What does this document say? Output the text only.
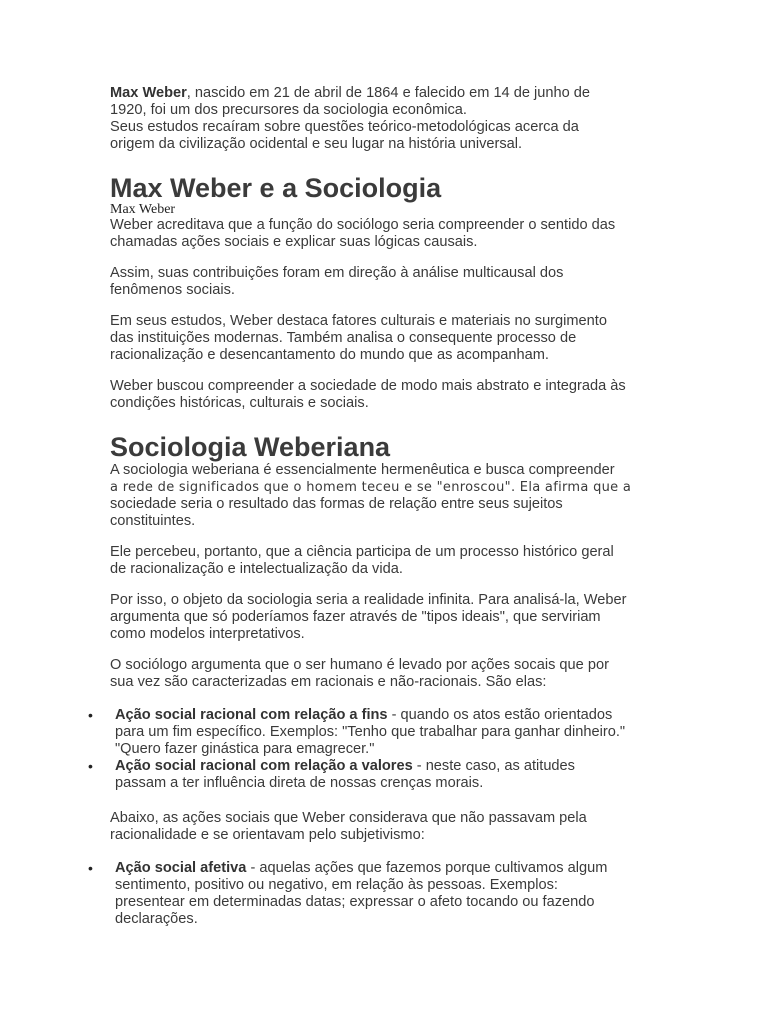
Max Weber, nascido em 21 de abril de 1864 e falecido em 14 de junho de
1920, foi um dos precursores da sociologia econômica.
Seus estudos recaíram sobre questões teórico-metodológicas acerca da
origem da civilização ocidental e seu lugar na história universal.

Max Weber e a Sociologia
Max Weber

Weber acreditava que a função do sociólogo seria compreender o sentido das
chamadas ações sociais e explicar suas lógicas causais.

Assim, suas contribuições foram em direção à análise multicausal dos
fenômenos sociais.

Em seus estudos, Weber destaca fatores culturais e materiais no surgimento
das instituições modernas. Também analisa o consequente processo de
racionalização e desencantamento do mundo que as acompanham.

Weber buscou compreender a sociedade de modo mais abstrato e integrada às
condições históricas, culturais e sociais.

Sociologia Weberiana

A sociologia weberiana é essencialmente hermenêutica e busca compreender
a rede de significados que o homem teceu e se "enroscou". Ela afirma que a
sociedade seria o resultado das formas de relação entre seus sujeitos
constituintes.

Ele percebeu, portanto, que a ciência participa de um processo histórico geral
de racionalização e intelectualização da vida.

Por isso, o objeto da sociologia seria a realidade infinita. Para analisá-la, Weber
argumenta que só poderíamos fazer através de "tipos ideais", que serviriam
como modelos interpretativos.

O sociólogo argumenta que o ser humano é levado por ações socais que por
sua vez são caracterizadas em racionais e não-racionais. São elas:

• Ação social racional com relação a fins - quando os atos estão orientados
para um fim específico. Exemplos: "Tenho que trabalhar para ganhar dinheiro."
"Quero fazer ginástica para emagrecer."
• Ação social racional com relação a valores - neste caso, as atitudes
passam a ter influência direta de nossas crenças morais.

Abaixo, as ações sociais que Weber considerava que não passavam pela
racionalidade e se orientavam pelo subjetivismo:

• Ação social afetiva - aquelas ações que fazemos porque cultivamos algum
sentimento, positivo ou negativo, em relação às pessoas. Exemplos:
presentear em determinadas datas; expressar o afeto tocando ou fazendo
declarações.
